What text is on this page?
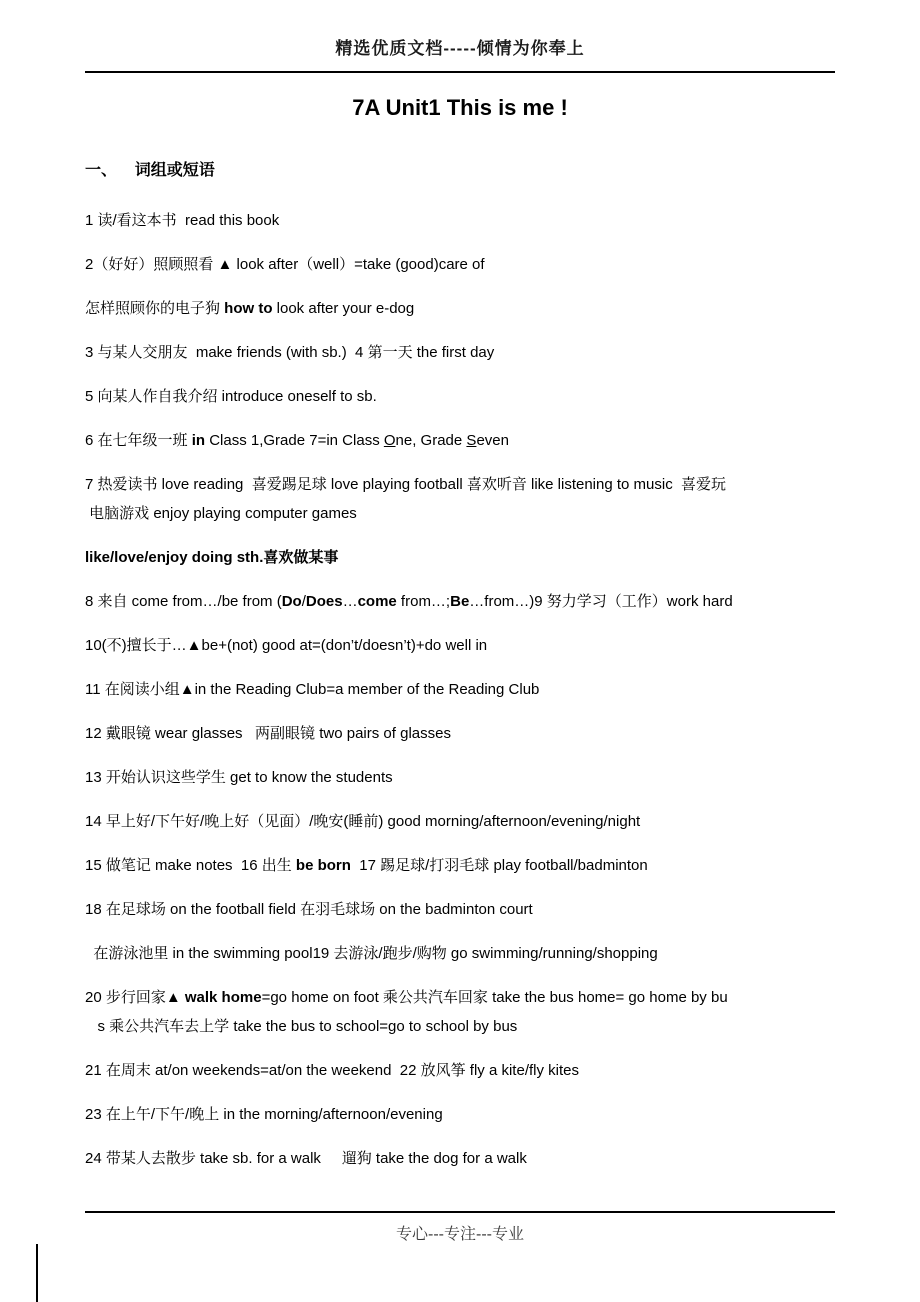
精选优质文档-----倾情为你奉上
7A Unit1 This is me !
一、    词组或短语
1 读/看这本书  read this book
2（好好）照顾照看 ▲ look after（well）=take (good)care of
怎样照顾你的电子狗 how to look after your e-dog
3 与某人交朋友  make friends (with sb.)  4 第一天 the first day
5 向某人作自我介绍 introduce oneself to sb.
6 在七年级一班 in Class 1,Grade 7=in Class One, Grade Seven
7 热爱读书 love reading  喜爱踢足球 love playing football 喜欢听音 like listening to music  喜爱玩
电脑游戏 enjoy playing computer games
like/love/enjoy doing sth.喜欢做某事
8 来自 come from…/be from (Do/Does…come from…;Be…from…)9 努力学习（工作）work hard
10(不)擅长于…▲be+(not) good at=(don’t/doesn’t)+do well in
11 在阅读小组▲in the Reading Club=a member of the Reading Club
12 戴眼镜 wear glasses   两副眼镜 two pairs of glasses
13 开始认识这些学生 get to know the students
14 早上好/下午好/晚上好（见面）/晚安(睡前) good morning/afternoon/evening/night
15 做笔记 make notes  16 出生 be born  17 踢足球/打羽毛球 play football/badminton
18 在足球场 on the football field 在羽毛球场 on the badminton court
在游泳池里 in the swimming pool19 去游泳/跑步/购物 go swimming/running/shopping
20 步行回家▲ walk home=go home on foot 乘公共汽车回家 take the bus home= go home by bu
s 乘公共汽车去上学 take the bus to school=go to school by bus
21 在周末 at/on weekends=at/on the weekend  22 放风筝 fly a kite/fly kites
23 在上午/下午/晚上 in the morning/afternoon/evening
24 带某人去散步 take sb. for a walk     遛狗 take the dog for a walk
专心---专注---专业
